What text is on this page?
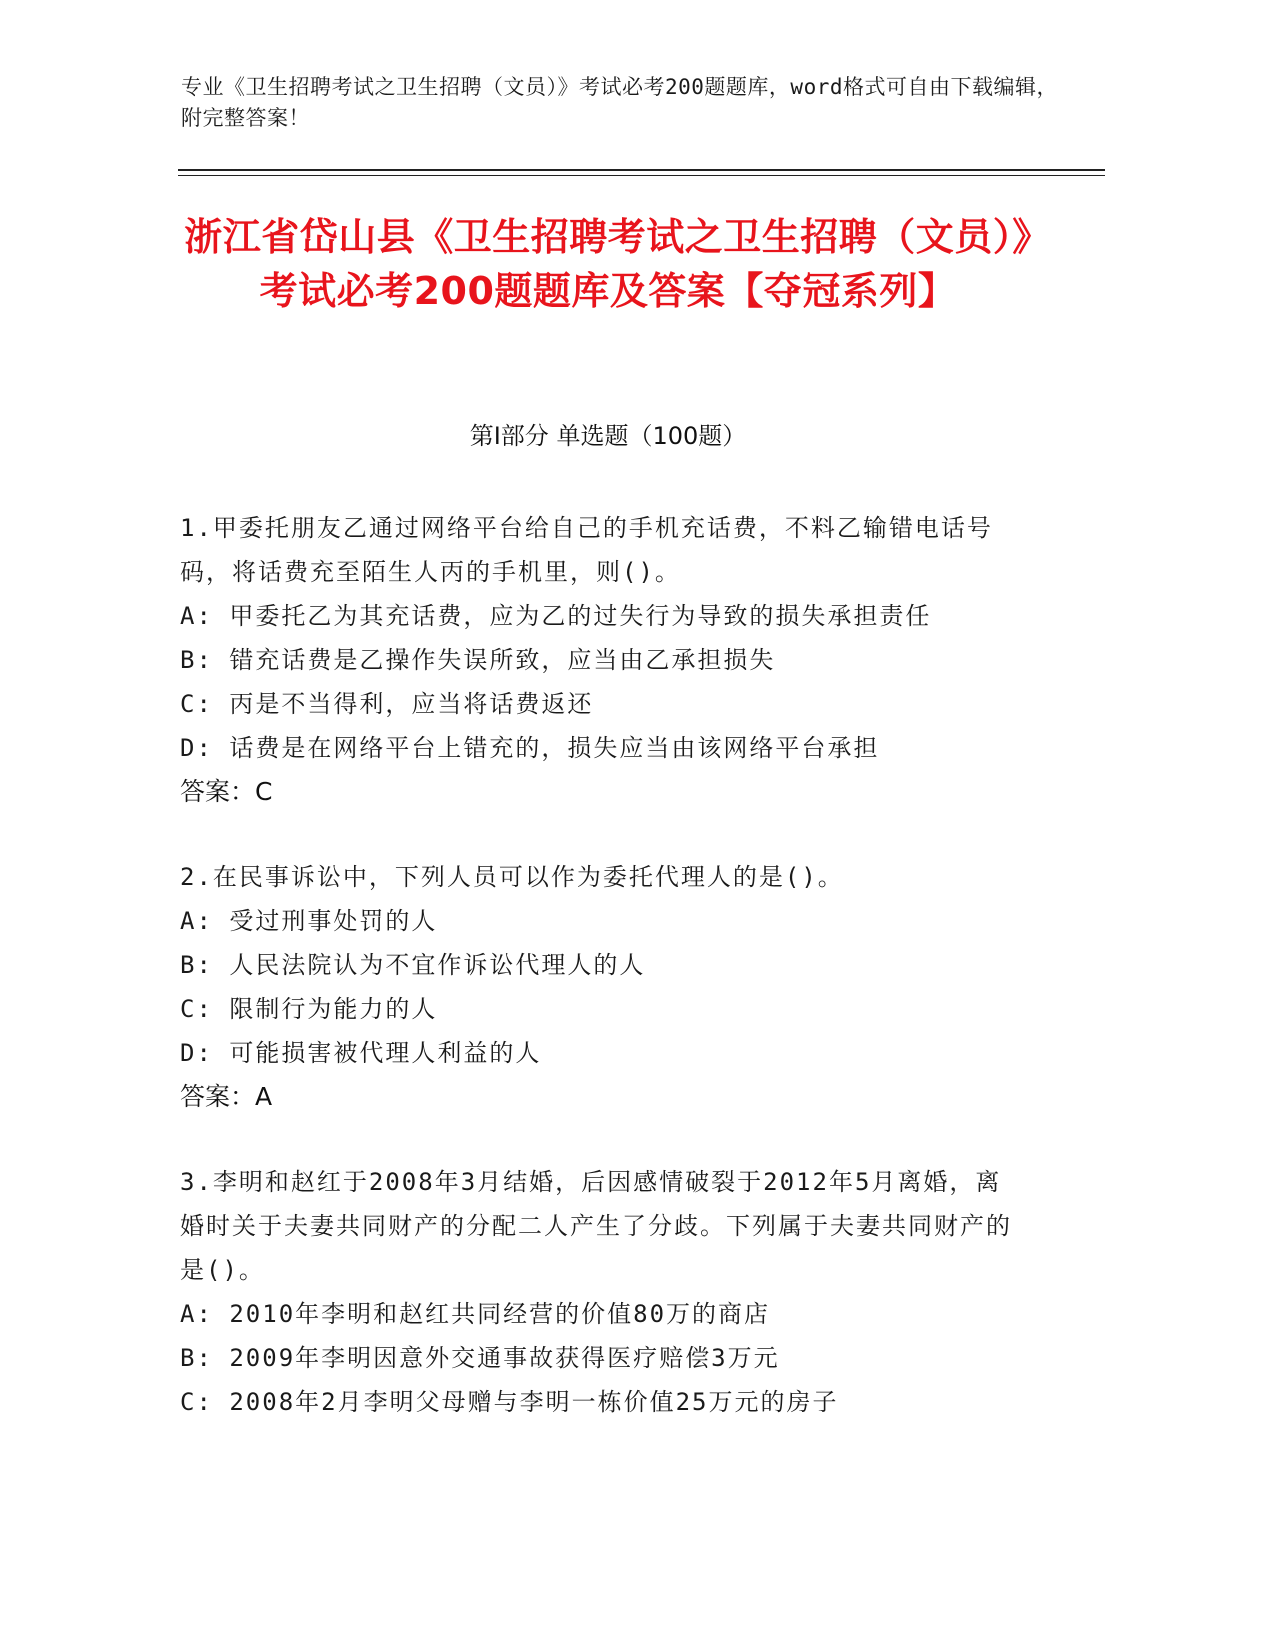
专业《卫生招聘考试之卫生招聘（文员）》考试必考200题题库，word格式可自由下载编辑，附完整答案！
浙江省岱山县《卫生招聘考试之卫生招聘（文员）》考试必考200题题库及答案【夺冠系列】
第I部分 单选题（100题）
1.甲委托朋友乙通过网络平台给自己的手机充话费，不料乙输错电话号码，将话费充至陌生人丙的手机里，则()。
A: 甲委托乙为其充话费，应为乙的过失行为导致的损失承担责任
B: 错充话费是乙操作失误所致，应当由乙承担损失
C: 丙是不当得利，应当将话费返还
D: 话费是在网络平台上错充的，损失应当由该网络平台承担
答案：C
2.在民事诉讼中，下列人员可以作为委托代理人的是()。
A: 受过刑事处罚的人
B: 人民法院认为不宜作诉讼代理人的人
C: 限制行为能力的人
D: 可能损害被代理人利益的人
答案：A
3.李明和赵红于2008年3月结婚，后因感情破裂于2012年5月离婚，离婚时关于夫妻共同财产的分配二人产生了分歧。下列属于夫妻共同财产的是()。
A: 2010年李明和赵红共同经营的价值80万的商店
B: 2009年李明因意外交通事故获得医疗赔偿3万元
C: 2008年2月李明父母赠与李明一栋价值25万元的房子
